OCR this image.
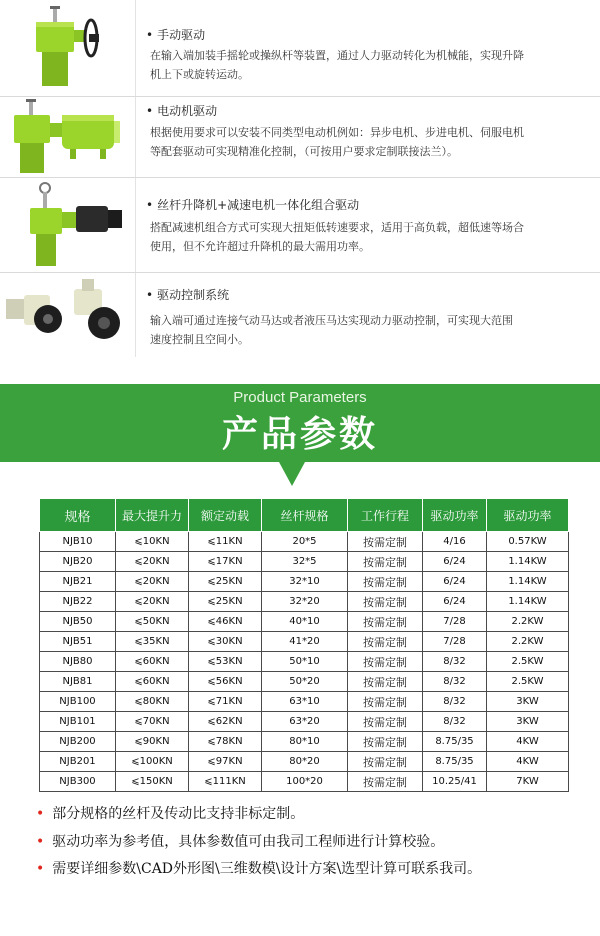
• 手动驱动
在输入端加装手摇轮或操纵杆等装置，通过人力驱动转化为机械能，实现升降
机上下或旋转运动。
• 电动机驱动
根据使用要求可以安装不同类型电动机例如：异步电机、步进电机、伺服电机
等配套驱动可实现精准化控制，（可按用户要求定制联接法兰）。
• 丝杆升降机+减速电机一体化组合驱动
搭配减速机组合方式可实现大扭矩低转速要求，适用于高负载，超低速等场合
使用，但不允许超过升降机的最大需用功率。
• 驱动控制系统
输入端可通过连接气动马达或者液压马达实现动力驱动控制，可实现大范围
速度控制且空间小。
Product Parameters
产品参数
规格	最大提升力	额定动载	丝杆规格	工作行程	驱动功率	驱动功率
NJB10	⩽10KN	⩽11KN	20*5	按需定制	4/16	0.57KW
NJB20	⩽20KN	⩽17KN	32*5	按需定制	6/24	1.14KW
NJB21	⩽20KN	⩽25KN	32*10	按需定制	6/24	1.14KW
NJB22	⩽20KN	⩽25KN	32*20	按需定制	6/24	1.14KW
NJB50	⩽50KN	⩽46KN	40*10	按需定制	7/28	2.2KW
NJB51	⩽35KN	⩽30KN	41*20	按需定制	7/28	2.2KW
NJB80	⩽60KN	⩽53KN	50*10	按需定制	8/32	2.5KW
NJB81	⩽60KN	⩽56KN	50*20	按需定制	8/32	2.5KW
NJB100	⩽80KN	⩽71KN	63*10	按需定制	8/32	3KW
NJB101	⩽70KN	⩽62KN	63*20	按需定制	8/32	3KW
NJB200	⩽90KN	⩽78KN	80*10	按需定制	8.75/35	4KW
NJB201	⩽100KN	⩽97KN	80*20	按需定制	8.75/35	4KW
NJB300	⩽150KN	⩽111KN	100*20	按需定制	10.25/41	7KW
• 部分规格的丝杆及传动比支持非标定制。
• 驱动功率为参考值，具体参数值可由我司工程师进行计算校验。
• 需要详细参数\CAD外形图\三维数模\设计方案\选型计算可联系我司。
